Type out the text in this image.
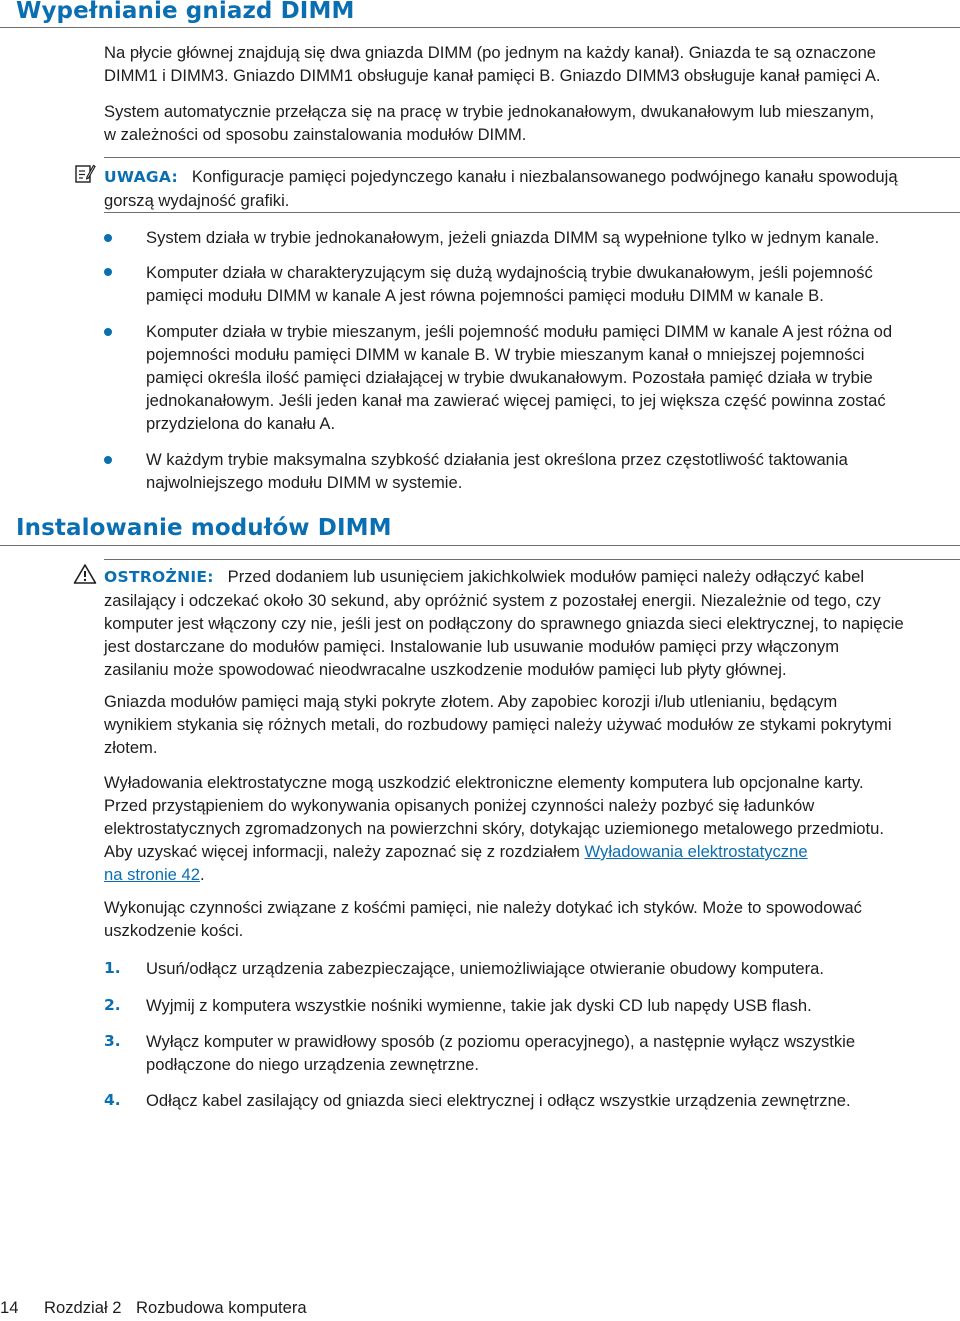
Wypełnianie gniazd DIMM

Na płycie głównej znajdują się dwa gniazda DIMM (po jednym na każdy kanał). Gniazda te są oznaczone
DIMM1 i DIMM3. Gniazdo DIMM1 obsługuje kanał pamięci B. Gniazdo DIMM3 obsługuje kanał pamięci A.

System automatycznie przełącza się na pracę w trybie jednokanałowym, dwukanałowym lub mieszanym,
w zależności od sposobu zainstalowania modułów DIMM.

UWAGA: Konfiguracje pamięci pojedynczego kanału i niezbalansowanego podwójnego kanału spowodują
gorszą wydajność grafiki.

System działa w trybie jednokanałowym, jeżeli gniazda DIMM są wypełnione tylko w jednym kanale.

Komputer działa w charakteryzującym się dużą wydajnością trybie dwukanałowym, jeśli pojemność
pamięci modułu DIMM w kanale A jest równa pojemności pamięci modułu DIMM w kanale B.

Komputer działa w trybie mieszanym, jeśli pojemność modułu pamięci DIMM w kanale A jest różna od
pojemności modułu pamięci DIMM w kanale B. W trybie mieszanym kanał o mniejszej pojemności
pamięci określa ilość pamięci działającej w trybie dwukanałowym. Pozostała pamięć działa w trybie
jednokanałowym. Jeśli jeden kanał ma zawierać więcej pamięci, to jej większa część powinna zostać
przydzielona do kanału A.

W każdym trybie maksymalna szybkość działania jest określona przez częstotliwość taktowania
najwolniejszego modułu DIMM w systemie.

Instalowanie modułów DIMM

OSTROŻNIE: Przed dodaniem lub usunięciem jakichkolwiek modułów pamięci należy odłączyć kabel
zasilający i odczekać około 30 sekund, aby opróżnić system z pozostałej energii. Niezależnie od tego, czy
komputer jest włączony czy nie, jeśli jest on podłączony do sprawnego gniazda sieci elektrycznej, to napięcie
jest dostarczane do modułów pamięci. Instalowanie lub usuwanie modułów pamięci przy włączonym
zasilaniu może spowodować nieodwracalne uszkodzenie modułów pamięci lub płyty głównej.

Gniazda modułów pamięci mają styki pokryte złotem. Aby zapobiec korozji i/lub utlenianiu, będącym
wynikiem stykania się różnych metali, do rozbudowy pamięci należy używać modułów ze stykami pokrytymi
złotem.

Wyładowania elektrostatyczne mogą uszkodzić elektroniczne elementy komputera lub opcjonalne karty.
Przed przystąpieniem do wykonywania opisanych poniżej czynności należy pozbyć się ładunków
elektrostatycznych zgromadzonych na powierzchni skóry, dotykając uziemionego metalowego przedmiotu.
Aby uzyskać więcej informacji, należy zapoznać się z rozdziałem Wyładowania elektrostatyczne
na stronie 42.

Wykonując czynności związane z kośćmi pamięci, nie należy dotykać ich styków. Może to spowodować
uszkodzenie kości.

1. Usuń/odłącz urządzenia zabezpieczające, uniemożliwiające otwieranie obudowy komputera.

2. Wyjmij z komputera wszystkie nośniki wymienne, takie jak dyski CD lub napędy USB flash.

3. Wyłącz komputer w prawidłowy sposób (z poziomu operacyjnego), a następnie wyłącz wszystkie
podłączone do niego urządzenia zewnętrzne.

4. Odłącz kabel zasilający od gniazda sieci elektrycznej i odłącz wszystkie urządzenia zewnętrzne.

14 Rozdział 2 Rozbudowa komputera
